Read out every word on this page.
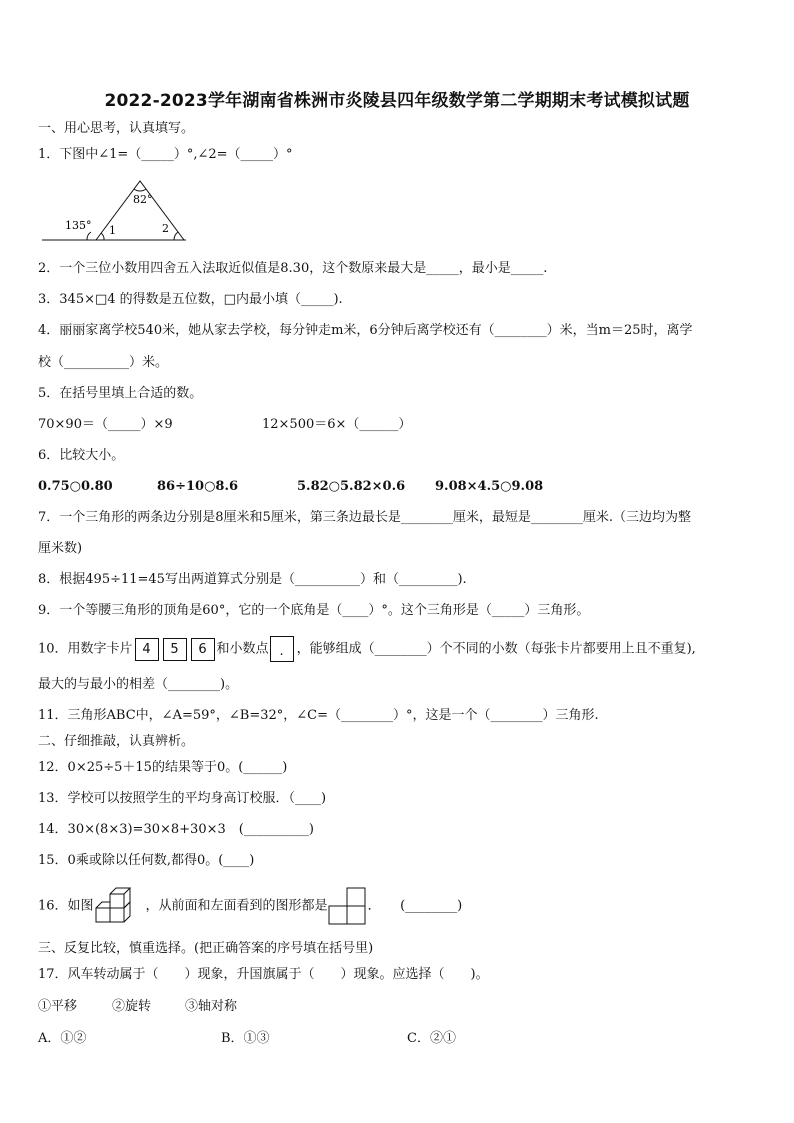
2022-2023学年湖南省株洲市炎陵县四年级数学第二学期期末考试模拟试题
一、用心思考，认真填写。
1．下图中∠1=（_____）°,∠2=（_____）°
135°
82°
1	2
2．一个三位小数用四舍五入法取近似值是8.30，这个数原来最大是_____，最小是_____.
3．345×□4 的得数是五位数，□内最小填（_____).
4．丽丽家离学校540米，她从家去学校，每分钟走m米，6分钟后离学校还有（________）米，当m＝25时，离学
校（__________）米。
5．在括号里填上合适的数。
70×90＝（_____）×9	12×500＝6×（______）
6．比较大小。
0.75○0.80	86÷10○8.6	5.82○5.82×0.6 9.08×4.5○9.08
7．一个三角形的两条边分别是8厘米和5厘米，第三条边最长是________厘米，最短是________厘米.（三边均为整
厘米数)
8．根据495÷11=45写出两道算式分别是（__________）和（_________).
9．一个等腰三角形的顶角是60°，它的一个底角是（____）°。这个三角形是（_____）三角形。
10．用数字卡片 4 5 6 和小数点 . ，能够组成（________）个不同的小数（每张卡片都要用上且不重复),
最大的与最小的相差（________)。
11．三角形ABC中，∠A=59°，∠B=32°，∠C=（________）°，这是一个（________）三角形.
二、仔细推敲，认真辨析。
12．0×25÷5＋15的结果等于0。(______)
13．学校可以按照学生的平均身高订校服．（____)
14．30×(8×3)=30×8+30×3　(__________)
15．0乘或除以任何数,都得0。(____)
16．如图	，从前面和左面看到的图形都是	．　　(________)
三、反复比较，慎重选择。(把正确答案的序号填在括号里)
17．风车转动属于（　　）现象，升国旗属于（　　）现象。应选择（　　)。
①平移	②旋转	③轴对称
A．①②	B．①③	C．②①
